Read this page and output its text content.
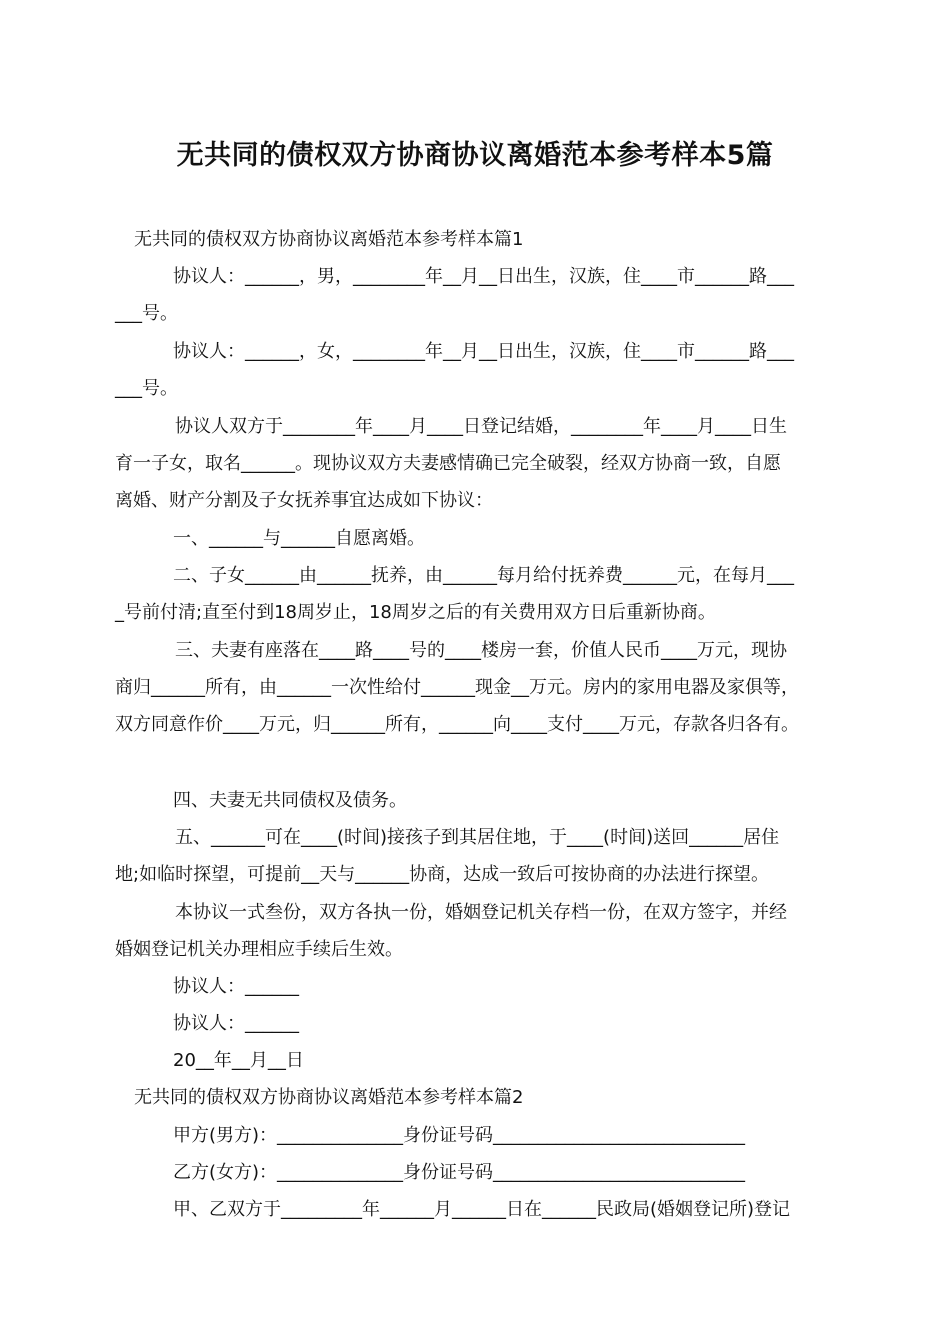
无共同的债权双方协商协议离婚范本参考样本5篇
无共同的债权双方协商协议离婚范本参考样本篇1
协议人：______，男，________年__月__日出生，汉族，住____市______路___
___号。
协议人：______，女，________年__月__日出生，汉族，住____市______路___
___号。
协议人双方于________年____月____日登记结婚，________年____月____日生
育一子女，取名______。现协议双方夫妻感情确已完全破裂，经双方协商一致，自愿
离婚、财产分割及子女抚养事宜达成如下协议：
一、______与______自愿离婚。
二、子女______由______抚养，由______每月给付抚养费______元，在每月___
_号前付清;直至付到18周岁止，18周岁之后的有关费用双方日后重新协商。
三、夫妻有座落在____路____号的____楼房一套，价值人民币____万元，现协
商归______所有，由______一次性给付______现金__万元。房内的家用电器及家俱等，
双方同意作价____万元，归______所有，______向____支付____万元，存款各归各有。
四、夫妻无共同债权及债务。
五、______可在____(时间)接孩子到其居住地，于____(时间)送回______居住
地;如临时探望，可提前__天与______协商，达成一致后可按协商的办法进行探望。
本协议一式叁份，双方各执一份，婚姻登记机关存档一份，在双方签字，并经
婚姻登记机关办理相应手续后生效。
协议人：______
协议人：______
20__年__月__日
无共同的债权双方协商协议离婚范本参考样本篇2
甲方(男方)：______________身份证号码____________________________
乙方(女方)：______________身份证号码____________________________
甲、乙双方于_________年______月______日在______民政局(婚姻登记所)登记
